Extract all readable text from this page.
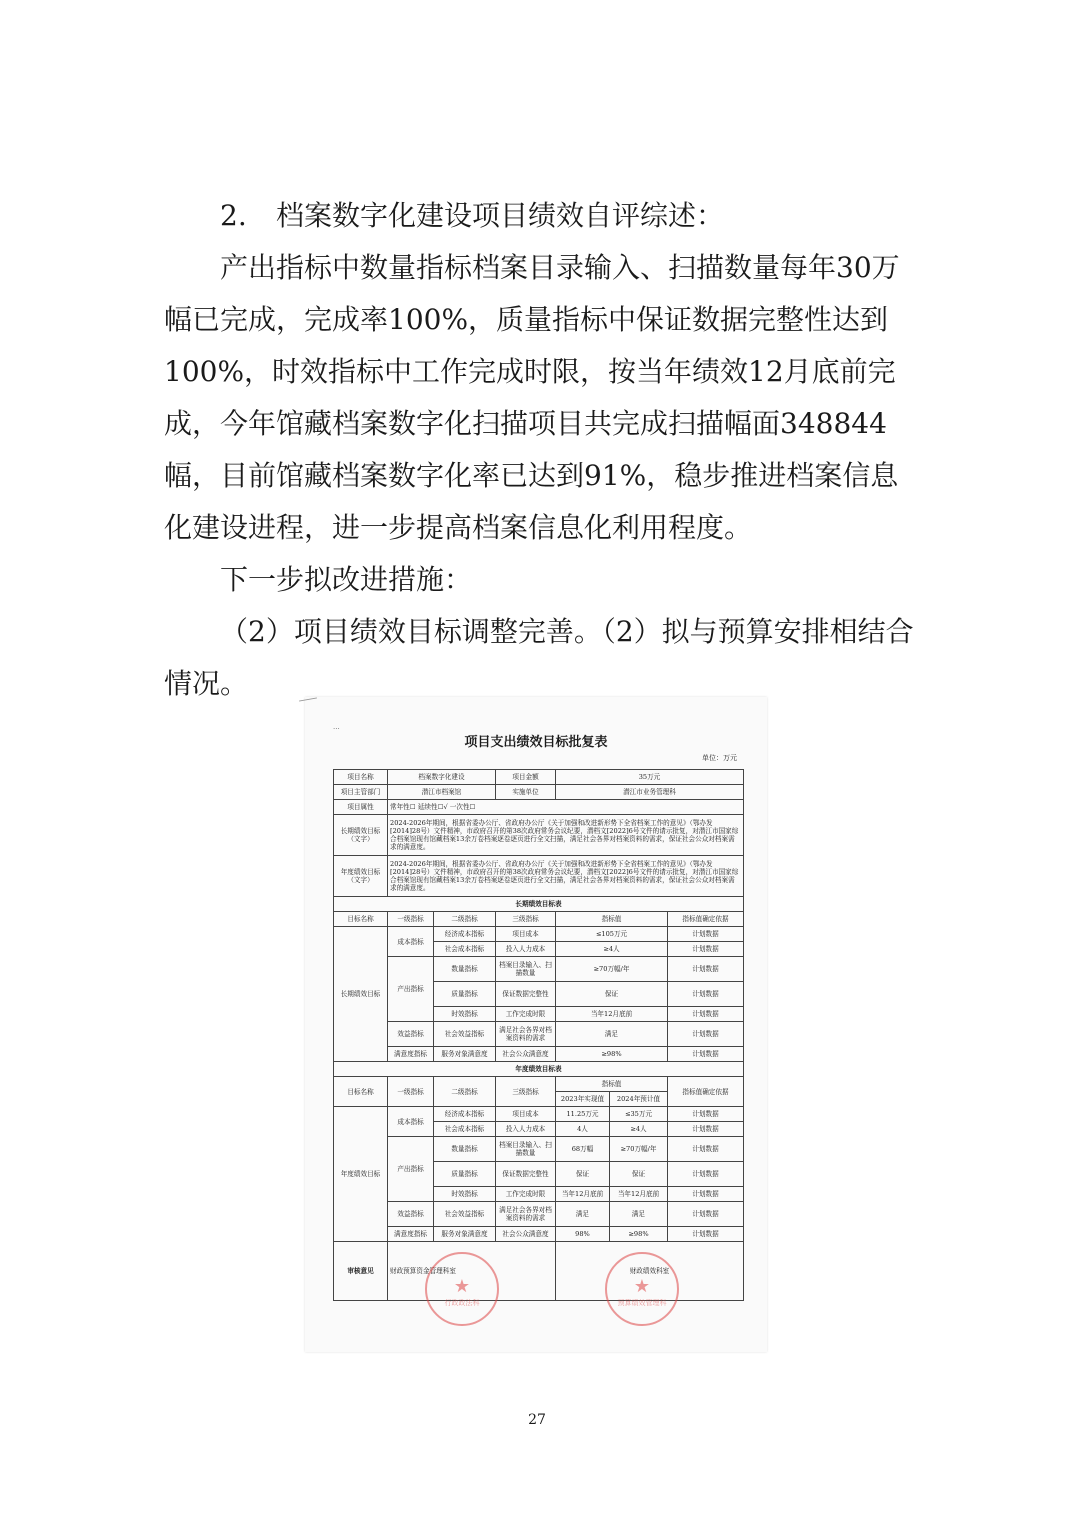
2. 档案数字化建设项目绩效自评综述：

产出指标中数量指标档案目录输入、扫描数量每年30万幅已完成，完成率100%，质量指标中保证数据完整性达到100%，时效指标中工作完成时限，按当年绩效12月底前完成，今年馆藏档案数字化扫描项目共完成扫描幅面348844幅，目前馆藏档案数字化率已达到91%，稳步推进档案信息化建设进程，进一步提高档案信息化利用程度。

下一步拟改进措施：

（2）项目绩效目标调整完善。（2）拟与预算安排相结合情况。

...
项目支出绩效目标批复表
单位：万元
项目名称	档案数字化建设		项目金额	35万元		
项目主管部门	潜江市档案馆		实施单位	潜江市业务管理科		
项目属性	常年性☐ 延续性☐√ 一次性☐					
长期绩效目标（文字）	2024-2026年期间，根据省委办公厅、省政府办公厅《关于加强和改进新形势下全省档案工作的意见》（鄂办发[2014]28号）文件精神，市政府召开的第38次政府常务会议纪要，潜档文[2022]6号文件的请示批复，对潜江市国家综合档案馆现有馆藏档案13余万卷档案逐卷逐页进行全文扫描，满足社会各界对档案资料的需求，保证社会公众对档案需求的满意度。					
年度绩效目标（文字）	2024-2026年期间，根据省委办公厅、省政府办公厅《关于加强和改进新形势下全省档案工作的意见》（鄂办发[2014]28号）文件精神，市政府召开的第38次政府常务会议纪要，潜档文[2022]6号文件的请示批复，对潜江市国家综合档案馆现有馆藏档案13余万卷档案逐卷逐页进行全文扫描，满足社会各界对档案资料的需求，保证社会公众对档案需求的满意度。					
长期绩效目标表						
目标名称	一级指标	二级指标	三级指标	指标值		指标值确定依据
长期绩效目标	成本指标	经济成本指标	项目成本	≤105万元		计划数据
		社会成本指标	投入人力成本	≥4人		计划数据
	产出指标	数量指标	档案目录输入、扫描数量	≥70万幅/年		计划数据
		质量指标	保证数据完整性	保证		计划数据
		时效指标	工作完成时限	当年12月底前		计划数据
	效益指标	社会效益指标	满足社会各界对档案资料的需求	满足		计划数据
	满意度指标	服务对象满意度	社会公众满意度	≥98%		计划数据
年度绩效目标表						
目标名称	一级指标	二级指标	三级指标	指标值		指标值确定依据
				2023年实现值	2024年预计值	
年度绩效目标	成本指标	经济成本指标	项目成本	11.25万元	≤35万元	计划数据
		社会成本指标	投入人力成本	4人	≥4人	计划数据
	产出指标	数量指标	档案目录输入、扫描数量	68万幅	≥70万幅/年	计划数据
		质量指标	保证数据完整性	保证	保证	计划数据
		时效指标	工作完成时限	当年12月底前	当年12月底前	计划数据
	效益指标	社会效益指标	满足社会各界对档案资料的需求	满足	满足	计划数据
	满意度指标	服务对象满意度	社会公众满意度	98%	≥98%	计划数据
审核意见	财政预算资金管理科室			财政绩效科室		
★
行政政法科
★
预算绩效管理科
27
